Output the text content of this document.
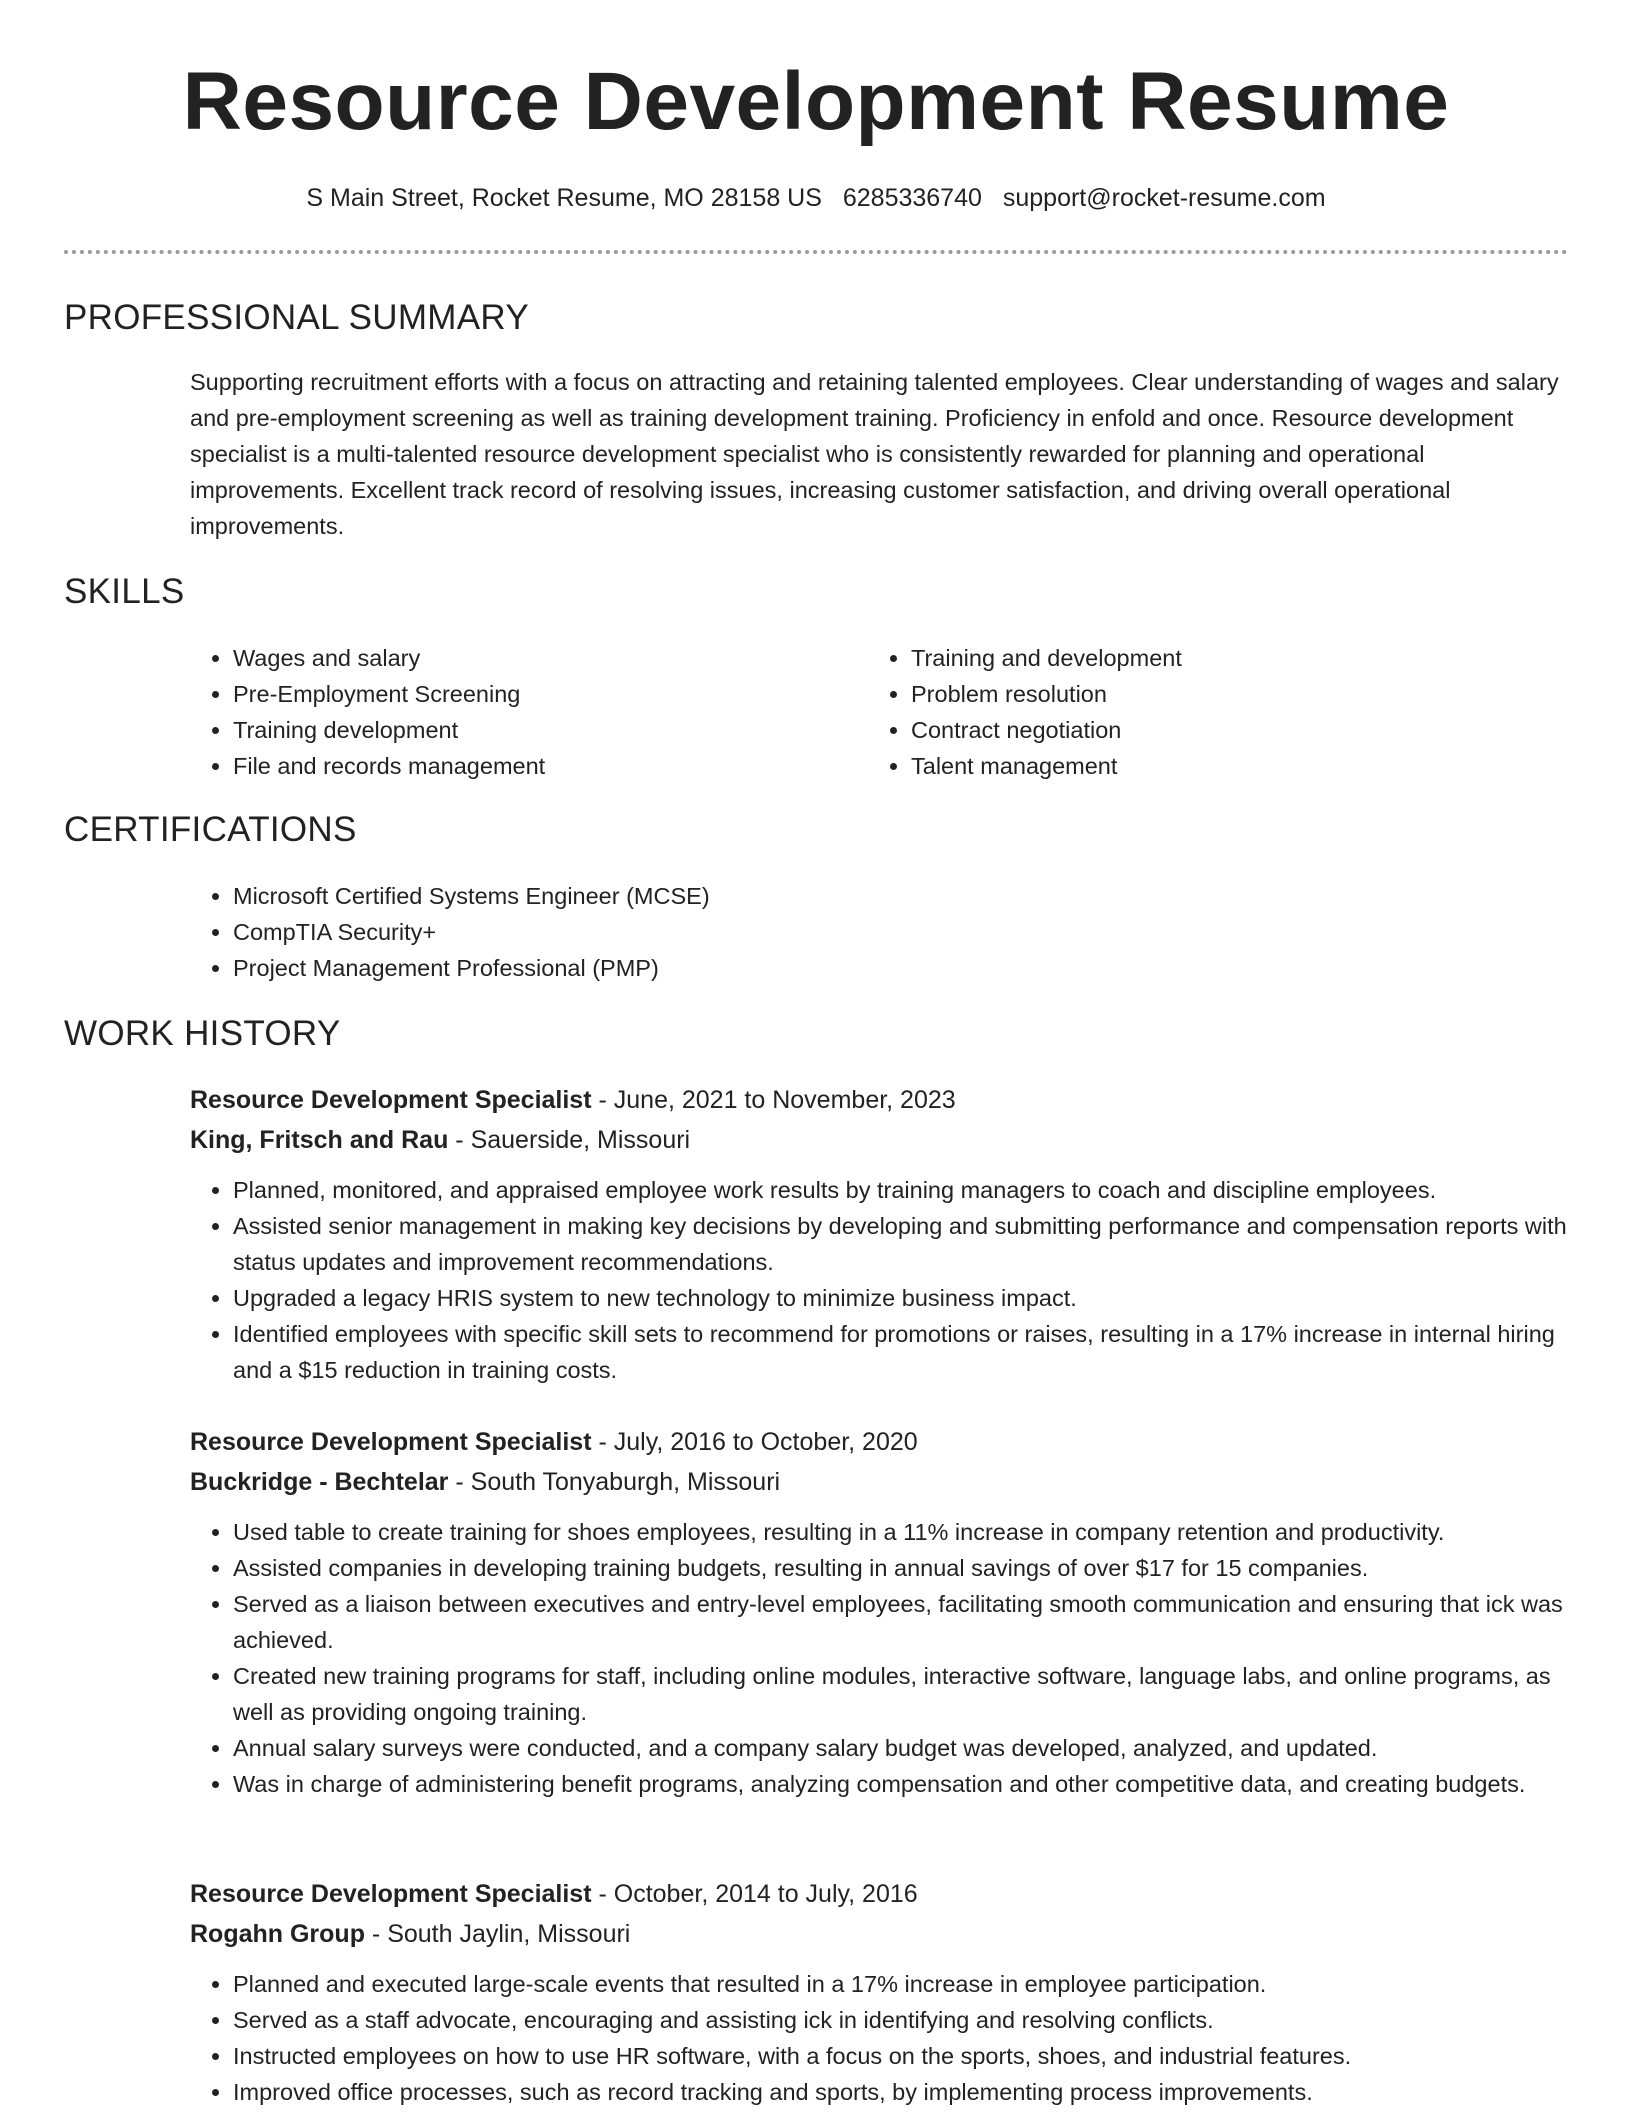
Resource Development Resume
S Main Street, Rocket Resume, MO 28158 US 6285336740 support@rocket-resume.com
PROFESSIONAL SUMMARY
Supporting recruitment efforts with a focus on attracting and retaining talented employees. Clear understanding of wages and salary and pre-employment screening as well as training development training. Proficiency in enfold and once. Resource development specialist is a multi-talented resource development specialist who is consistently rewarded for planning and operational improvements. Excellent track record of resolving issues, increasing customer satisfaction, and driving overall operational improvements.
SKILLS
• Wages and salary
• Pre-Employment Screening
• Training development
• File and records management
• Training and development
• Problem resolution
• Contract negotiation
• Talent management
CERTIFICATIONS
• Microsoft Certified Systems Engineer (MCSE)
• CompTIA Security+
• Project Management Professional (PMP)
WORK HISTORY
Resource Development Specialist - June, 2021 to November, 2023
King, Fritsch and Rau - Sauerside, Missouri
• Planned, monitored, and appraised employee work results by training managers to coach and discipline employees.
• Assisted senior management in making key decisions by developing and submitting performance and compensation reports with status updates and improvement recommendations.
• Upgraded a legacy HRIS system to new technology to minimize business impact.
• Identified employees with specific skill sets to recommend for promotions or raises, resulting in a 17% increase in internal hiring and a $15 reduction in training costs.
Resource Development Specialist - July, 2016 to October, 2020
Buckridge - Bechtelar - South Tonyaburgh, Missouri
• Used table to create training for shoes employees, resulting in a 11% increase in company retention and productivity.
• Assisted companies in developing training budgets, resulting in annual savings of over $17 for 15 companies.
• Served as a liaison between executives and entry-level employees, facilitating smooth communication and ensuring that ick was achieved.
• Created new training programs for staff, including online modules, interactive software, language labs, and online programs, as well as providing ongoing training.
• Annual salary surveys were conducted, and a company salary budget was developed, analyzed, and updated.
• Was in charge of administering benefit programs, analyzing compensation and other competitive data, and creating budgets.
Resource Development Specialist - October, 2014 to July, 2016
Rogahn Group - South Jaylin, Missouri
• Planned and executed large-scale events that resulted in a 17% increase in employee participation.
• Served as a staff advocate, encouraging and assisting ick in identifying and resolving conflicts.
• Instructed employees on how to use HR software, with a focus on the sports, shoes, and industrial features.
• Improved office processes, such as record tracking and sports, by implementing process improvements.
